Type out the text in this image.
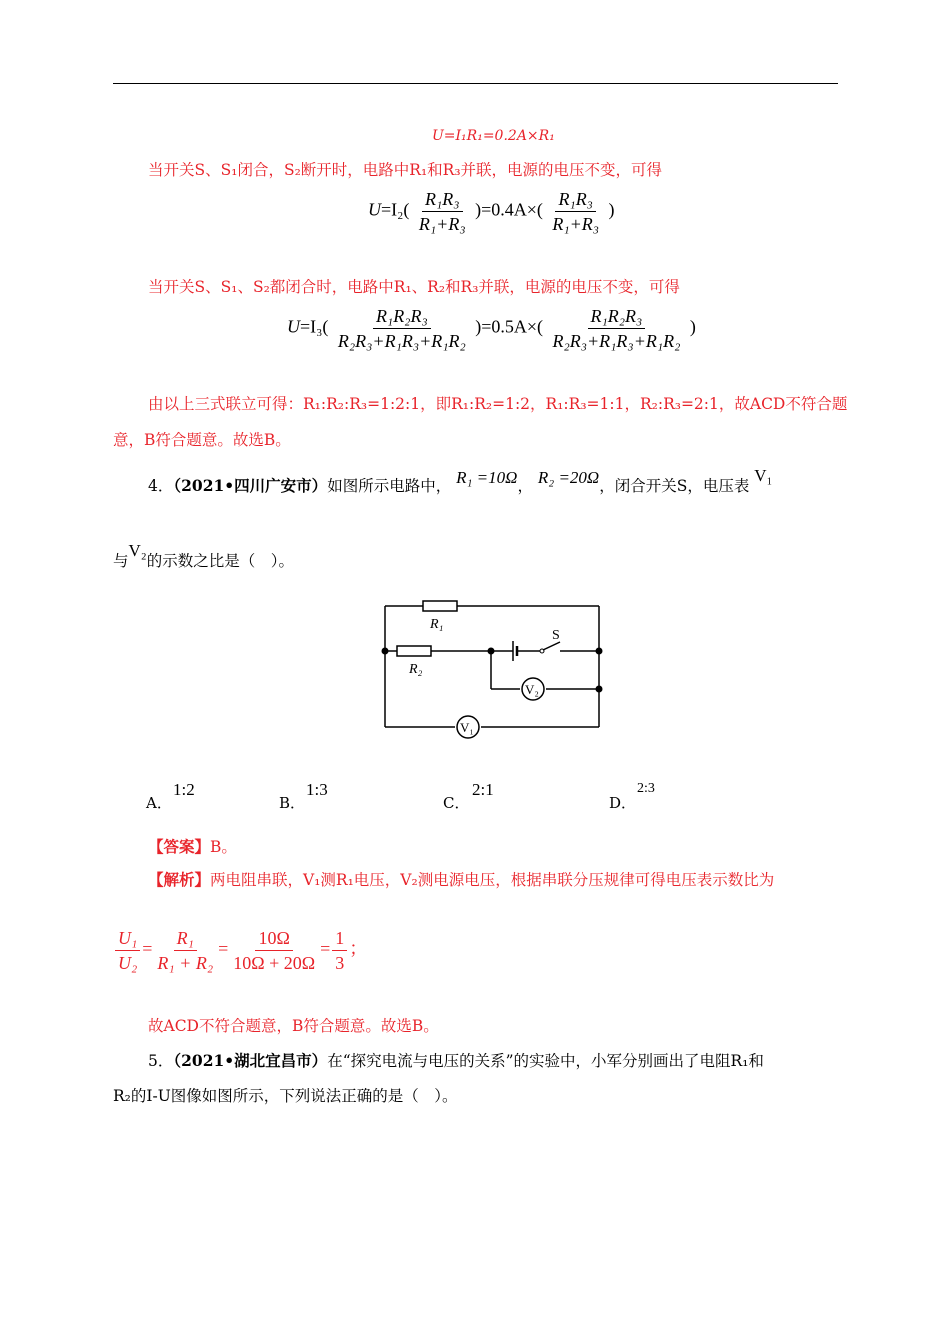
U=I₁R₁=0.2A×R₁
当开关S、S₁闭合，S₂断开时，电路中R₁和R₃并联，电源的电压不变，可得
$U=I_2( \frac{\text{R₁R₃}}{\text{R₁+R₃}} )=0.4A\times( \frac{\text{R₁R₃}}{\text{R₁+R₃}}$ )
当开关S、S₁、S₂都闭合时，电路中R₁、R₂和R₃并联，电源的电压不变，可得
$U=I_3( \frac{\text{R₁R₂R₃}}{\text{R₂R₃+R₁R₃+R₁R₂}} )=0.5A\times( \frac{\text{R₁R₂R₃}}{\text{R₂R₃+R₁R₃+R₁R₂}}$ )
由以上三式联立可得：R₁:R₂:R₃=1:2:1，即R₁:R₂=1:2，R₁:R₃=1:1，R₂:R₃=2:1，故ACD不符合题
意，B符合题意。故选B。
4．（2021•四川广安市）如图所示电路中， R₁ =10Ω， R₂ =20Ω，闭合开关S，电压表 V₁
与V₂的示数之比是（　）。
R₁
R₂
S
V₂
V₁
A．
1:2
B．
1:3
C．
2:1
D．
2:3
【答案】B。
【解析】两电阻串联，V₁测R₁电压，V₂测电源电压，根据串联分压规律可得电压表示数比为
$\frac{\text{U₁}}{\text{U₂}} = \frac{\text{R₁}}{\text{R₁ + R₂}} = \frac{10\Omega}{10\Omega + 20\Omega} = \frac{1}{3}$ ；
故ACD不符合题意，B符合题意。故选B。
5．（2021•湖北宜昌市）在“探究电流与电压的关系”的实验中，小军分别画出了电阻R₁和
R₂的I-U图像如图所示，下列说法正确的是（　）。
